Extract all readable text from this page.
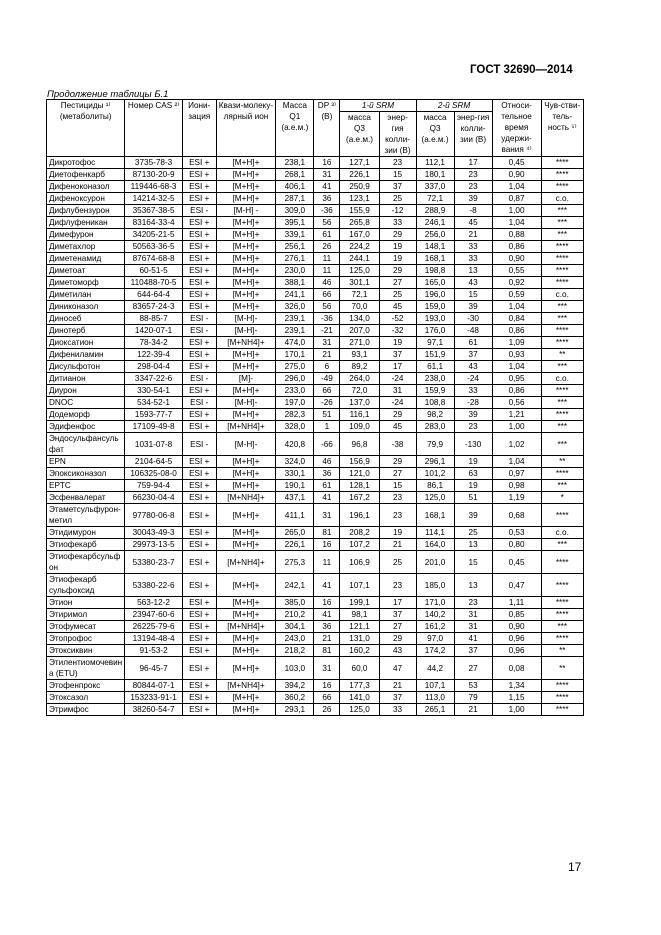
ГОСТ 32690—2014
Продолжение таблицы Б.1
Пестициды ¹⁾ (метаболиты)	Номер CAS ²⁾	Иони-зация	Квази-молеку-лярный ион	Масса Q1 (а.е.м.)	DP ³⁾ (В)	1-й SRM		2-й SRM		Относи-тельное время удержи-вания ⁴⁾	Чув-стви-тель-ность ⁵⁾
						масса Q3 (а.е.м.)	энер-гия колли-зии (В)	масса Q3 (а.е.м.)	энер-гия колли-зии (В)		
Дикротофос	3735-78-3	ESI +	[M+H]+	238,1	16	127,1	23	112,1	17	0,45	****
Диетофенкарб	87130-20-9	ESI +	[M+H]+	268,1	31	226,1	15	180,1	23	0,90	****
Дифеноконазол	119446-68-3	ESI +	[M+H]+	406,1	41	250,9	37	337,0	23	1,04	****
Дифеноксурон	14214-32-5	ESI +	[M+H]+	287,1	36	123,1	25	72,1	39	0,87	с.о.
Дифлубензурон	35367-38-5	ESI -	[M-H] -	309,0	-36	155,9	-12	288,9	-8	1,00	***
Дифлуфеникан	83164-33-4	ESI +	[M+H]+	395,1	56	265,8	33	246,1	45	1,04	***
Димефурон	34205-21-5	ESI +	[M+H]+	339,1	61	167,0	29	256,0	21	0,88	***
Диметахлор	50563-36-5	ESI +	[M+H]+	256,1	26	224,2	19	148,1	33	0,86	****
Диметенамид	87674-68-8	ESI +	[M+H]+	276,1	11	244,1	19	168,1	33	0,90	****
Диметоат	60-51-5	ESI +	[M+H]+	230,0	11	125,0	29	198,8	13	0,55	****
Диметоморф	110488-70-5	ESI +	[M+H]+	388,1	46	301,1	27	165,0	43	0,92	****
Диметилан	644-64-4	ESI +	[M+H]+	241,1	66	72,1	25	196,0	15	0,59	с.о.
Диниконазол	83657-24-3	ESI +	[M+H]+	326,0	56	70,0	45	159,0	39	1,04	***
Диносеб	88-85-7	ESI -	[M-H]-	239,1	-36	134,0	-52	193,0	-30	0,84	***
Динотерб	1420-07-1	ESI -	[M-H]-	239,1	-21	207,0	-32	176,0	-48	0,86	****
Диоксатион	78-34-2	ESI +	[M+NH4]+	474,0	31	271,0	19	97,1	61	1,09	****
Дифениламин	122-39-4	ESI +	[M+H]+	170,1	21	93,1	37	151,9	37	0,93	**
Дисульфотон	298-04-4	ESI +	[M+H]+	275,0	6	89,2	17	61,1	43	1,04	***
Дитианон	3347-22-6	ESI -	[M]-	296,0	-49	264,0	-24	238,0	-24	0,95	с.о.
Диурон	330-54-1	ESI +	[M+H]+	233,0	66	72,0	31	159,9	33	0,86	****
DNOC	534-52-1	ESI -	[M-H]-	197,0	-26	137,0	-24	108,8	-28	0,56	***
Додеморф	1593-77-7	ESI +	[M+H]+	282,3	51	116,1	29	98,2	39	1,21	****
Эдифенфос	17109-49-8	ESI +	[M+NH4]+	328,0	1	109,0	45	283,0	23	1,00	***
Эндосульфансульфат	1031-07-8	ESI -	[M-H]-	420,8	-66	96,8	-38	79,9	-130	1,02	***
EPN	2104-64-5	ESI +	[M+H]+	324,0	46	156,9	29	296,1	19	1,04	**
Эпоксиконазол	106325-08-0	ESI +	[M+H]+	330,1	36	121,0	27	101,2	63	0,97	****
EPTC	759-94-4	ESI +	[M+H]+	190,1	61	128,1	15	86,1	19	0,98	***
Эсфенвалерат	66230-04-4	ESI +	[M+NH4]+	437,1	41	167,2	23	125,0	51	1,19	*
Этаметсульфурон-метил	97780-06-8	ESI +	[M+H]+	411,1	31	196,1	23	168,1	39	0,68	****
Этидимурон	30043-49-3	ESI +	[M+H]+	265,0	81	208,2	19	114,1	25	0,53	с.о.
Этиофекарб	29973-13-5	ESI +	[M+H]+	226,1	16	107,2	21	164,0	13	0,80	***
Этиофекарбсульфон	53380-23-7	ESI +	[M+NH4]+	275,3	11	106,9	25	201,0	15	0,45	****
Этиофекарб сульфоксид	53380-22-6	ESI +	[M+H]+	242,1	41	107,1	23	185,0	13	0,47	****
Этион	563-12-2	ESI +	[M+H]+	385,0	16	199,1	17	171,0	23	1,11	****
Этиримол	23947-60-6	ESI +	[M+H]+	210,2	41	98,1	37	140,2	31	0,85	****
Этофумесат	26225-79-6	ESI +	[M+NH4]+	304,1	36	121,1	27	161,2	31	0,90	***
Этопрофос	13194-48-4	ESI +	[M+H]+	243,0	21	131,0	29	97,0	41	0,96	****
Этоксиквин	91-53-2	ESI +	[M+H]+	218,2	81	160,2	43	174,2	37	0,96	**
Этилентиомочевина (ETU)	96-45-7	ESI +	[M+H]+	103,0	31	60,0	47	44,2	27	0,08	**
Этофенпрокс	80844-07-1	ESI +	[M+NH4]+	394,2	16	177,3	21	107,1	53	1,34	****
Этоксазол	153233-91-1	ESI +	[M+H]+	360,2	66	141,0	37	113,0	79	1,15	****
Этримфос	38260-54-7	ESI +	[M+H]+	293,1	26	125,0	33	265,1	21	1,00	****
17
